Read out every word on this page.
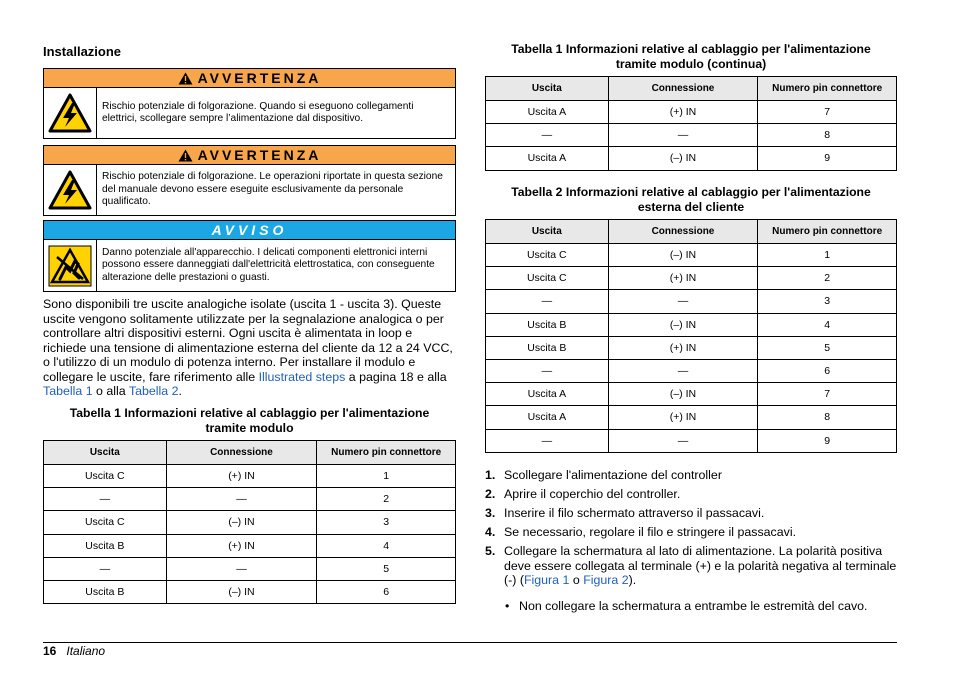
Installazione
AVVERTENZA
Rischio potenziale di folgorazione. Quando si eseguono collegamenti elettrici, scollegare sempre l’alimentazione dal dispositivo.
AVVERTENZA
Rischio potenziale di folgorazione. Le operazioni riportate in questa sezione del manuale devono essere eseguite esclusivamente da personale qualificato.
AVVISO
Danno potenziale all'apparecchio. I delicati componenti elettronici interni possono essere danneggiati dall'elettricità elettrostatica, con conseguente alterazione delle prestazioni o guasti.
Sono disponibili tre uscite analogiche isolate (uscita 1 - uscita 3). Queste uscite vengono solitamente utilizzate per la segnalazione analogica o per controllare altri dispositivi esterni. Ogni uscita è alimentata in loop e richiede una tensione di alimentazione esterna del cliente da 12 a 24 VCC, o l'utilizzo di un modulo di potenza interno. Per installare il modulo e collegare le uscite, fare riferimento alle Illustrated steps a pagina 18 e alla Tabella 1 o alla Tabella 2.
Tabella 1 Informazioni relative al cablaggio per l'alimentazione
tramite modulo
Uscita	Connessione	Numero pin connettore
Uscita C	(+) IN	1
—	—	2
Uscita C	(–) IN	3
Uscita B	(+) IN	4
—	—	5
Uscita B	(–) IN	6
Tabella 1 Informazioni relative al cablaggio per l'alimentazione
tramite modulo (continua)
Uscita	Connessione	Numero pin connettore
Uscita A	(+) IN	7
—	—	8
Uscita A	(–) IN	9
Tabella 2 Informazioni relative al cablaggio per l'alimentazione
esterna del cliente
Uscita	Connessione	Numero pin connettore
Uscita C	(–) IN	1
Uscita C	(+) IN	2
—	—	3
Uscita B	(–) IN	4
Uscita B	(+) IN	5
—	—	6
Uscita A	(–) IN	7
Uscita A	(+) IN	8
—	—	9
1. Scollegare l'alimentazione del controller
2. Aprire il coperchio del controller.
3. Inserire il filo schermato attraverso il passacavi.
4. Se necessario, regolare il filo e stringere il passacavi.
5. Collegare la schermatura al lato di alimentazione. La polarità positiva deve essere collegata al terminale (+) e la polarità negativa al terminale (-) (Figura 1 o Figura 2).
• Non collegare la schermatura a entrambe le estremità del cavo.
16 Italiano
